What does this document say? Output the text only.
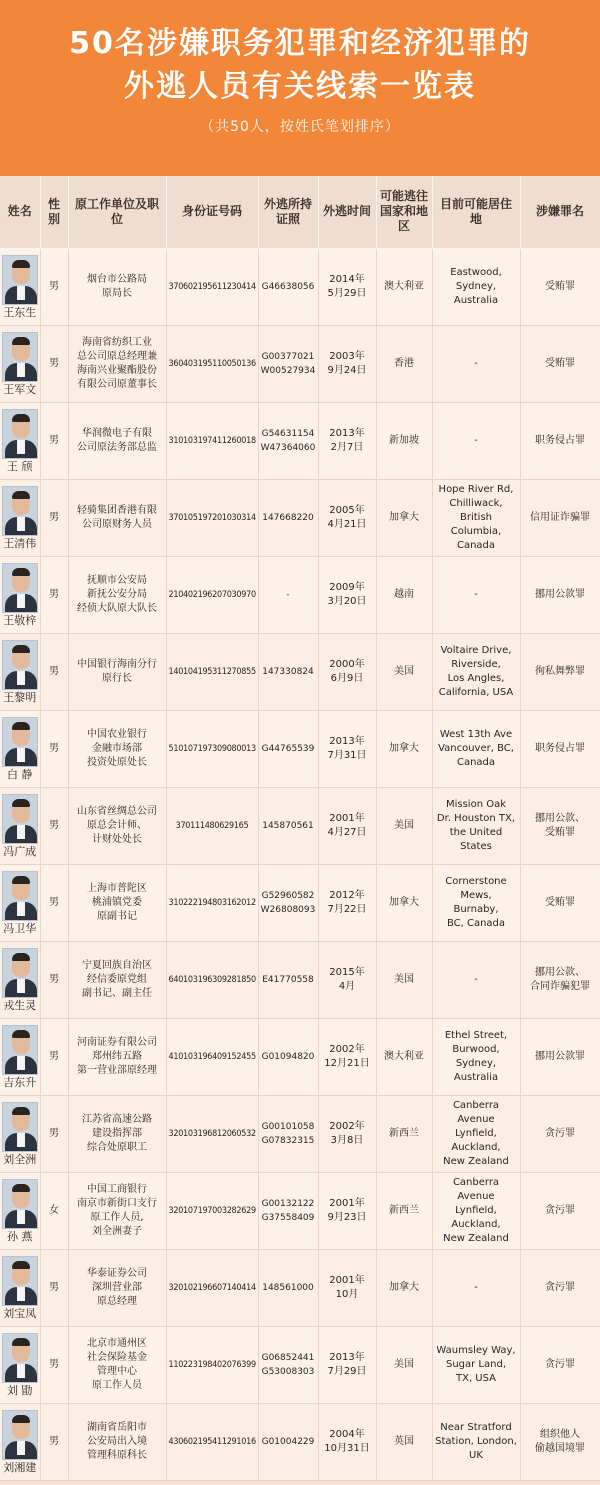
50名涉嫌职务犯罪和经济犯罪的
外逃人员有关线索一览表
（共50人，按姓氏笔划排序）
姓名	性别	原工作单位及职位	身份证号码	外逃所持证照	外逃时间	可能逃往国家和地区	目前可能居住地	涉嫌罪名

王东生	男	烟台市公路局
原局长	370602195611230414	G46638056	2014年
5月29日	澳大利亚	Eastwood, Sydney,
Australia	受贿罪

王军文	男	海南省纺织工业
总公司原总经理兼
海南兴业聚酯股份
有限公司原董事长	360403195110050136	G00377021
W00527934	2003年
9月24日	香港	-	受贿罪

王 颀	男	华润微电子有限
公司原法务部总监	310103197411260018	G54631154
W47364060	2013年
2月7日	新加坡	-	职务侵占罪

王清伟	男	轻骑集团香港有限
公司原财务人员	370105197201030314	147668220	2005年
4月21日	加拿大	Hope River Rd,
Chilliwack,
British Columbia,
Canada	信用证诈骗罪

王敬梓	男	抚顺市公安局
新抚公安分局
经侦大队原大队长	210402196207030970	-	2009年
3月20日	越南	-	挪用公款罪

王黎明	男	中国银行海南分行
原行长	140104195311270855	147330824	2000年
6月9日	美国	Voltaire Drive,
Riverside,
Los Angles,
California, USA	徇私舞弊罪

白 静	男	中国农业银行
金融市场部
投资处原处长	510107197309080013	G44765539	2013年
7月31日	加拿大	West 13th Ave
Vancouver, BC,
Canada	职务侵占罪

冯广成	男	山东省丝绸总公司
原总会计师、
计财处处长	370111480629165	145870561	2001年
4月27日	美国	Mission Oak
Dr. Houston TX,
the United States	挪用公款、
受贿罪

冯卫华	男	上海市普陀区
桃浦镇党委
原副书记	310222194803162012	G52960582
W26808093	2012年
7月22日	加拿大	Cornerstone Mews,
Burnaby,
BC, Canada	受贿罪

戎生灵	男	宁夏回族自治区
经信委原党组
副书记、副主任	640103196309281850	E41770558	2015年
4月	美国	-	挪用公款、
合同诈骗犯罪

吉东升	男	河南证券有限公司
郑州纬五路
第一营业部原经理	410103196409152455	G01094820	2002年
12月21日	澳大利亚	Ethel Street,
Burwood, Sydney,
Australia	挪用公款罪

刘全洲	男	江苏省高速公路
建设指挥部
综合处原职工	320103196812060532	G00101058
G07832315	2002年
3月8日	新西兰	Canberra Avenue
Lynfield, Auckland,
New Zealand	贪污罪

孙 燕	女	中国工商银行
南京市新街口支行
原工作人员,
刘全洲妻子	320107197003282629	G00132122
G37558409	2001年
9月23日	新西兰	Canberra Avenue
Lynfield,
Auckland,
New Zealand	贪污罪

刘宝凤	男	华泰证券公司
深圳营业部
原总经理	320102196607140414	148561000	2001年
10月	加拿大	-	贪污罪

刘 勖	男	北京市通州区
社会保险基金
管理中心
原工作人员	110223198402076399	G06852441
G53008303	2013年
7月29日	美国	Waumsley Way,
Sugar Land,
TX, USA	贪污罪

刘湘建	男	湖南省岳阳市
公安局出入境
管理科原科长	430602195411291016	G01004229	2004年
10月31日	英国	Near Stratford
Station, London, UK	组织他人
偷越国境罪
